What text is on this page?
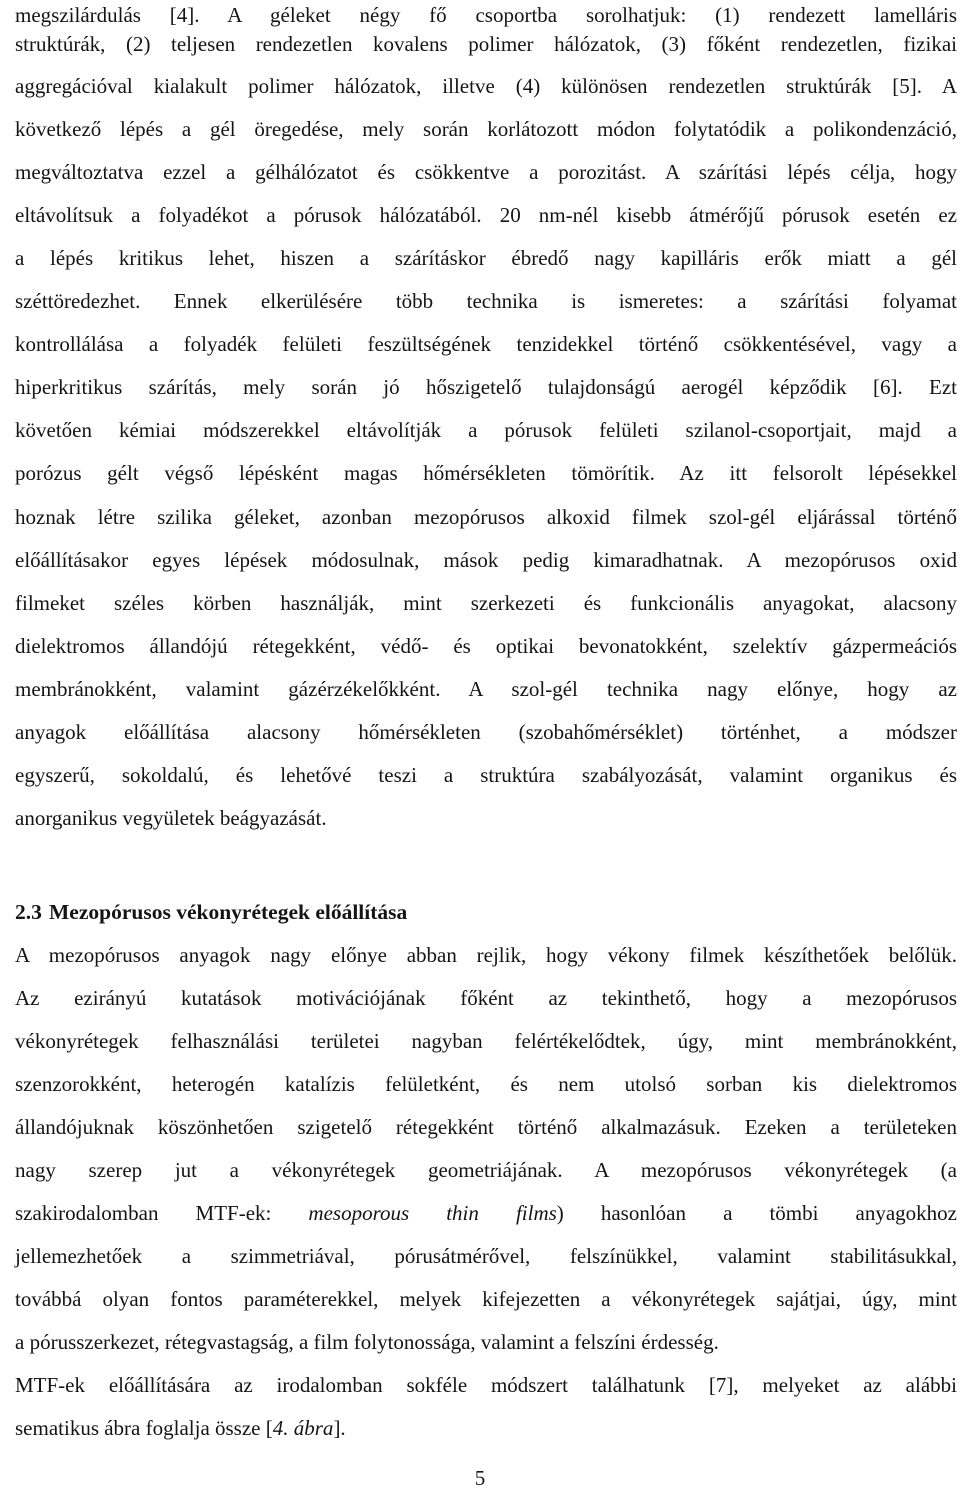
megszilárdulás [4]. A géleket négy fő csoportba sorolhatjuk: (1) rendezett lamelláris
struktúrák, (2) teljesen rendezetlen kovalens polimer hálózatok, (3) főként rendezetlen, fizikai
aggregációval kialakult polimer hálózatok, illetve (4) különösen rendezetlen struktúrák [5]. A
következő lépés a gél öregedése, mely során korlátozott módon folytatódik a polikondenzáció,
megváltoztatva ezzel a gélhálózatot és csökkentve a porozitást. A szárítási lépés célja, hogy
eltávolítsuk a folyadékot a pórusok hálózatából. 20 nm-nél kisebb átmérőjű pórusok esetén ez
a lépés kritikus lehet, hiszen a szárításkor ébredő nagy kapilláris erők miatt a gél
széttöredezhet. Ennek elkerülésére több technika is ismeretes: a szárítási folyamat
kontrollálása a folyadék felületi feszültségének tenzidekkel történő csökkentésével, vagy a
hiperkritikus szárítás, mely során jó hőszigetelő tulajdonságú aerogél képződik [6]. Ezt
követően kémiai módszerekkel eltávolítják a pórusok felületi szilanol-csoportjait, majd a
porózus gélt végső lépésként magas hőmérsékleten tömörítik. Az itt felsorolt lépésekkel
hoznak létre szilika géleket, azonban mezopórusos alkoxid filmek szol-gél eljárással történő
előállításakor egyes lépések módosulnak, mások pedig kimaradhatnak. A mezopórusos oxid
filmeket széles körben használják, mint szerkezeti és funkcionális anyagokat, alacsony
dielektromos állandójú rétegekként, védő- és optikai bevonatokként, szelektív gázpermeációs
membránokként, valamint gázérzékelőkként. A szol-gél technika nagy előnye, hogy az
anyagok előállítása alacsony hőmérsékleten (szobahőmérséklet) történhet, a módszer
egyszerű, sokoldalú, és lehetővé teszi a struktúra szabályozását, valamint organikus és
anorganikus vegyületek beágyazását.
2.3 Mezopórusos vékonyrétegek előállítása
A mezopórusos anyagok nagy előnye abban rejlik, hogy vékony filmek készíthetőek belőlük.
Az ezirányú kutatások motivációjának főként az tekinthető, hogy a mezopórusos
vékonyrétegek felhasználási területei nagyban felértékelődtek, úgy, mint membránokként,
szenzorokként, heterogén katalízis felületként, és nem utolsó sorban kis dielektromos
állandójuknak köszönhetően szigetelő rétegekként történő alkalmazásuk. Ezeken a területeken
nagy szerep jut a vékonyrétegek geometriájának. A mezopórusos vékonyrétegek (a
szakirodalomban MTF-ek: mesoporous thin films) hasonlóan a tömbi anyagokhoz
jellemezhetőek a szimmetriával, pórusátmérővel, felszínükkel, valamint stabilitásukkal,
továbbá olyan fontos paraméterekkel, melyek kifejezetten a vékonyrétegek sajátjai, úgy, mint
a pórusszerkezet, rétegvastagság, a film folytonossága, valamint a felszíni érdesség.
MTF-ek előállítására az irodalomban sokféle módszert találhatunk [7], melyeket az alábbi
sematikus ábra foglalja össze [4. ábra].
5
